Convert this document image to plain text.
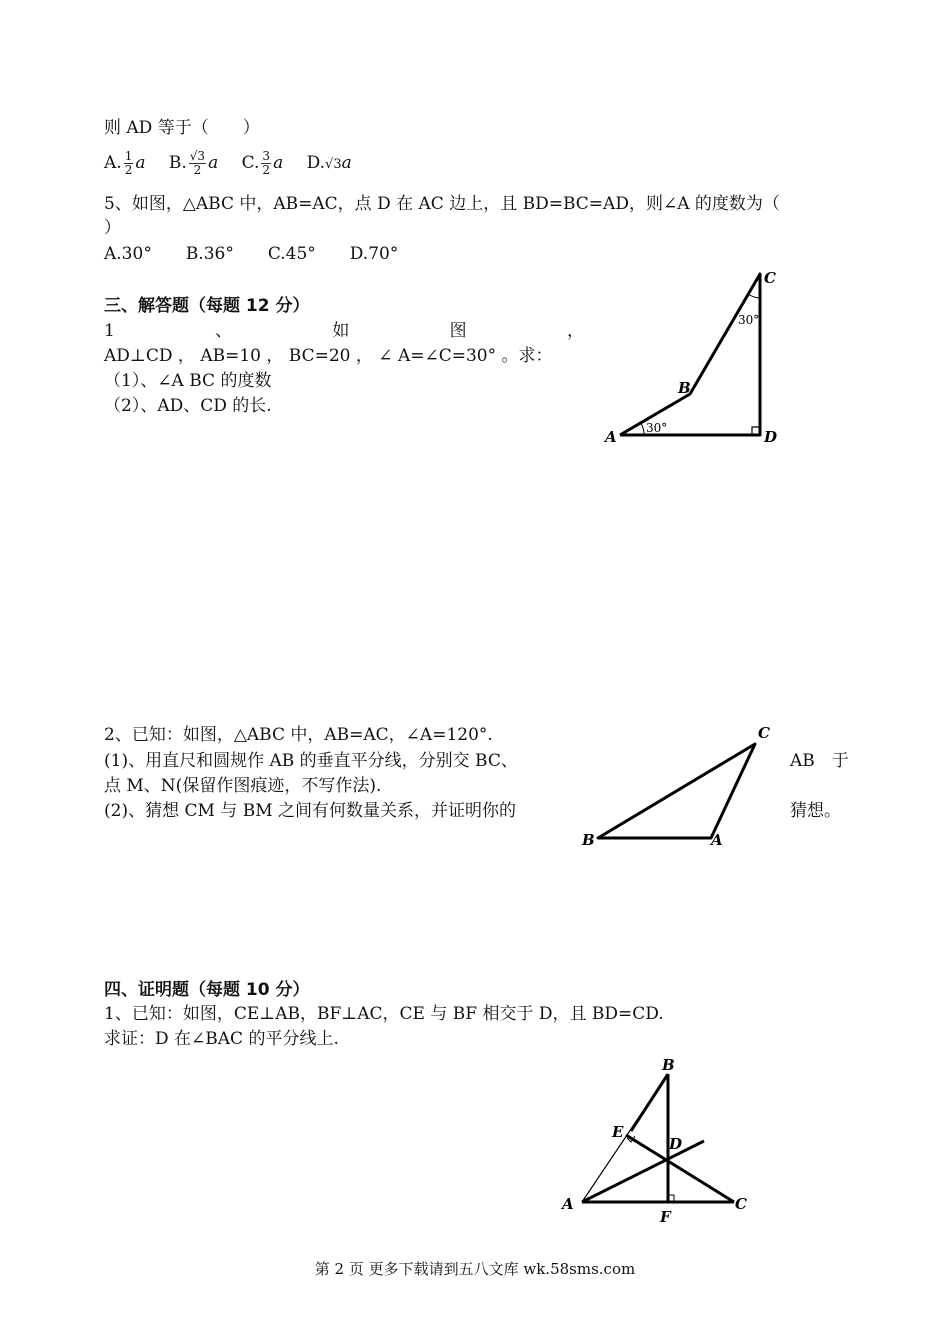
则 AD 等于（　　）
A. $\frac{1}{2}$ a B. $\frac{√3}{2}$ a C. $\frac{3}{2}$ a D.√3a
5、如图，△ABC 中，AB=AC，点 D 在 AC 边上，且 BD=BC=AD，则∠A 的度数为（
）
A.30° B.36° C.45° D.70°
三、解答题（每题 12 分）
1	、	如	图	，
AD⊥CD ， AB=10 ， BC=20 ， ∠ A=∠C=30° 。求：
（1）、∠A BC 的度数
（2）、AD、CD 的长.
30°
30°
A
B
C
D
2、已知：如图，△ABC 中，AB=AC，∠A=120°.
(1)、用直尺和圆规作 AB 的垂直平分线，分别交 BC、	AB　于
点 M、N(保留作图痕迹，不写作法).
(2)、猜想 CM 与 BM 之间有何数量关系，并证明你的	猜想。
B	A
C
四、证明题（每题 10 分）
1、已知：如图，CE⊥AB，BF⊥AC，CE 与 BF 相交于 D，且 BD=CD.
求证：D 在∠BAC 的平分线上.
A
B
C
D
E
F
第 2 页 更多下载请到五八文库 wk.58sms.com
